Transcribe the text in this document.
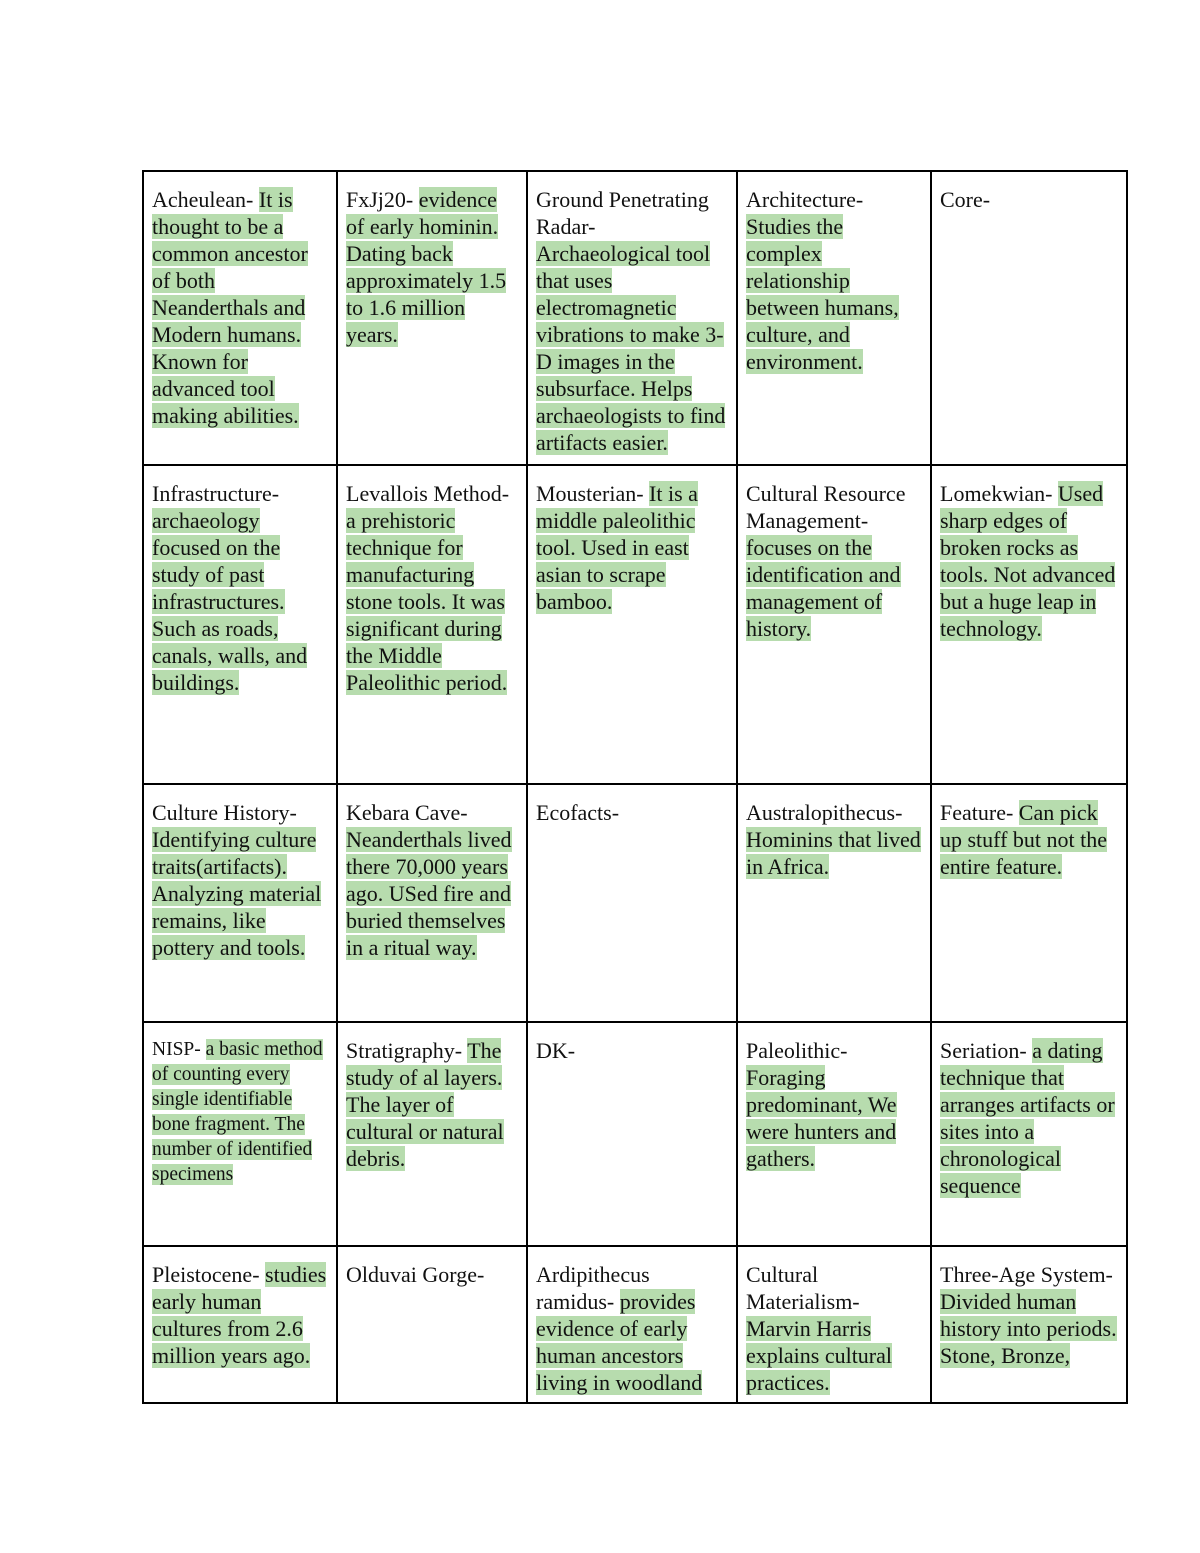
Acheulean- It is thought to be a common ancestor of both Neanderthals and Modern humans. Known for advanced tool making abilities.	FxJj20- evidence of early hominin. Dating back approximately 1.5 to 1.6 million years.	Ground Penetrating Radar- Archaeological tool that uses electromagnetic vibrations to make 3-D images in the subsurface. Helps archaeologists to find artifacts easier.	Architecture- Studies the complex relationship between humans, culture, and environment.	Core-
Infrastructure- archaeology focused on the study of past infrastructures. Such as roads, canals, walls, and buildings.	Levallois Method- a prehistoric technique for manufacturing stone tools. It was significant during the Middle Paleolithic period.	Mousterian- It is a middle paleolithic tool. Used in east asian to scrape bamboo.	Cultural Resource Management- focuses on the identification and management of history.	Lomekwian- Used sharp edges of broken rocks as tools. Not advanced but a huge leap in technology.
Culture History- Identifying culture traits(artifacts). Analyzing material remains, like pottery and tools.	Kebara Cave- Neanderthals lived there 70,000 years ago. USed fire and buried themselves in a ritual way.	Ecofacts-	Australopithecus- Hominins that lived in Africa.	Feature- Can pick up stuff but not the entire feature.
NISP- a basic method of counting every single identifiable bone fragment. The number of identified specimens	Stratigraphy- The study of al layers. The layer of cultural or natural debris.	DK-	Paleolithic- Foraging predominant, We were hunters and gathers.	Seriation- a dating technique that arranges artifacts or sites into a chronological sequence
Pleistocene- studies early human cultures from 2.6 million years ago.	Olduvai Gorge-	Ardipithecus ramidus- provides evidence of early human ancestors living in woodland	Cultural Materialism- Marvin Harris explains cultural practices.	Three-Age System- Divided human history into periods. Stone, Bronze,
